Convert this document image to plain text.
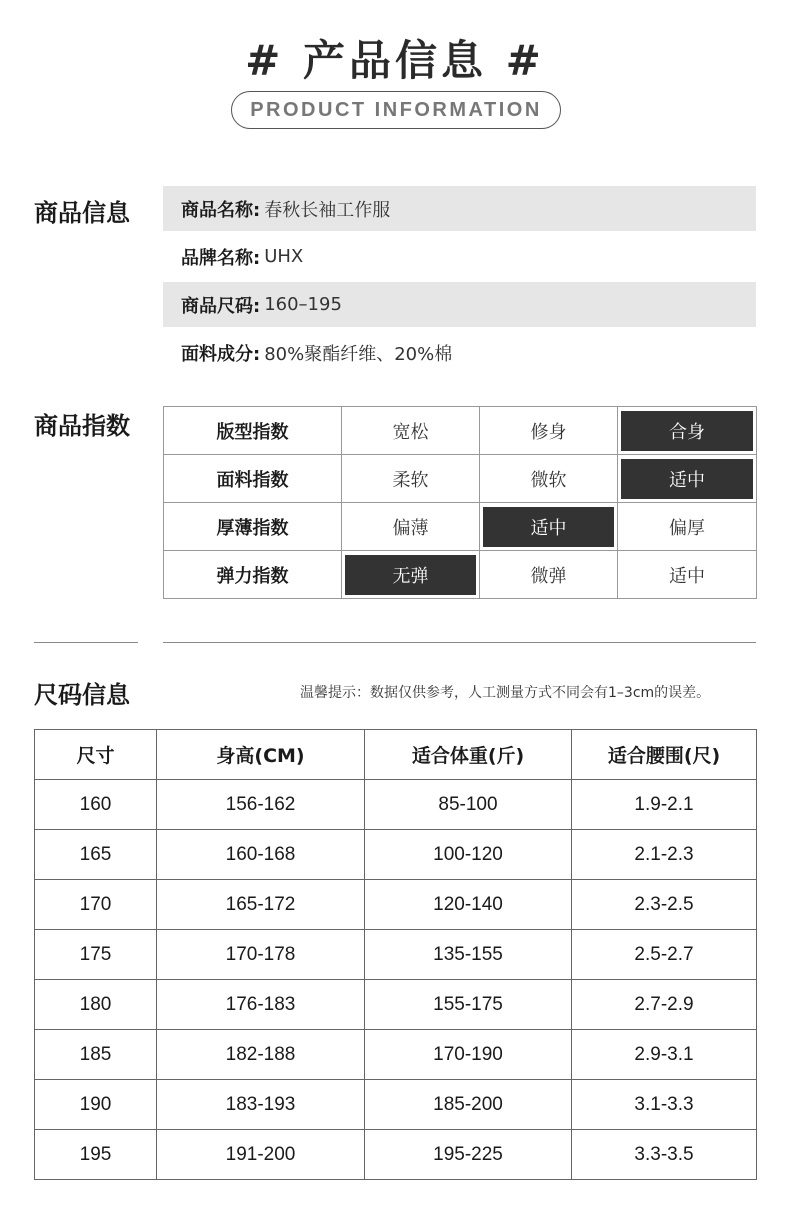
# 产品信息 #
PRODUCT INFORMATION
商品信息	商品名称: 春秋长袖工作服
品牌名称: UHX
商品尺码: 160–195
面料成分: 80%聚酯纤维、20%棉
商品指数	版型指数	宽松	修身	合身

面料指数	柔软	微软	适中

厚薄指数	偏薄	适中	偏厚

弹力指数	无弹	微弹	适中
尺码信息	温馨提示：数据仅供参考，人工测量方式不同会有1–3cm的误差。
尺寸	身高(CM)	适合体重(斤)	适合腰围(尺)
160	156-162	85-100	1.9-2.1
165	160-168	100-120	2.1-2.3
170	165-172	120-140	2.3-2.5
175	170-178	135-155	2.5-2.7
180	176-183	155-175	2.7-2.9
185	182-188	170-190	2.9-3.1
190	183-193	185-200	3.1-3.3
195	191-200	195-225	3.3-3.5
